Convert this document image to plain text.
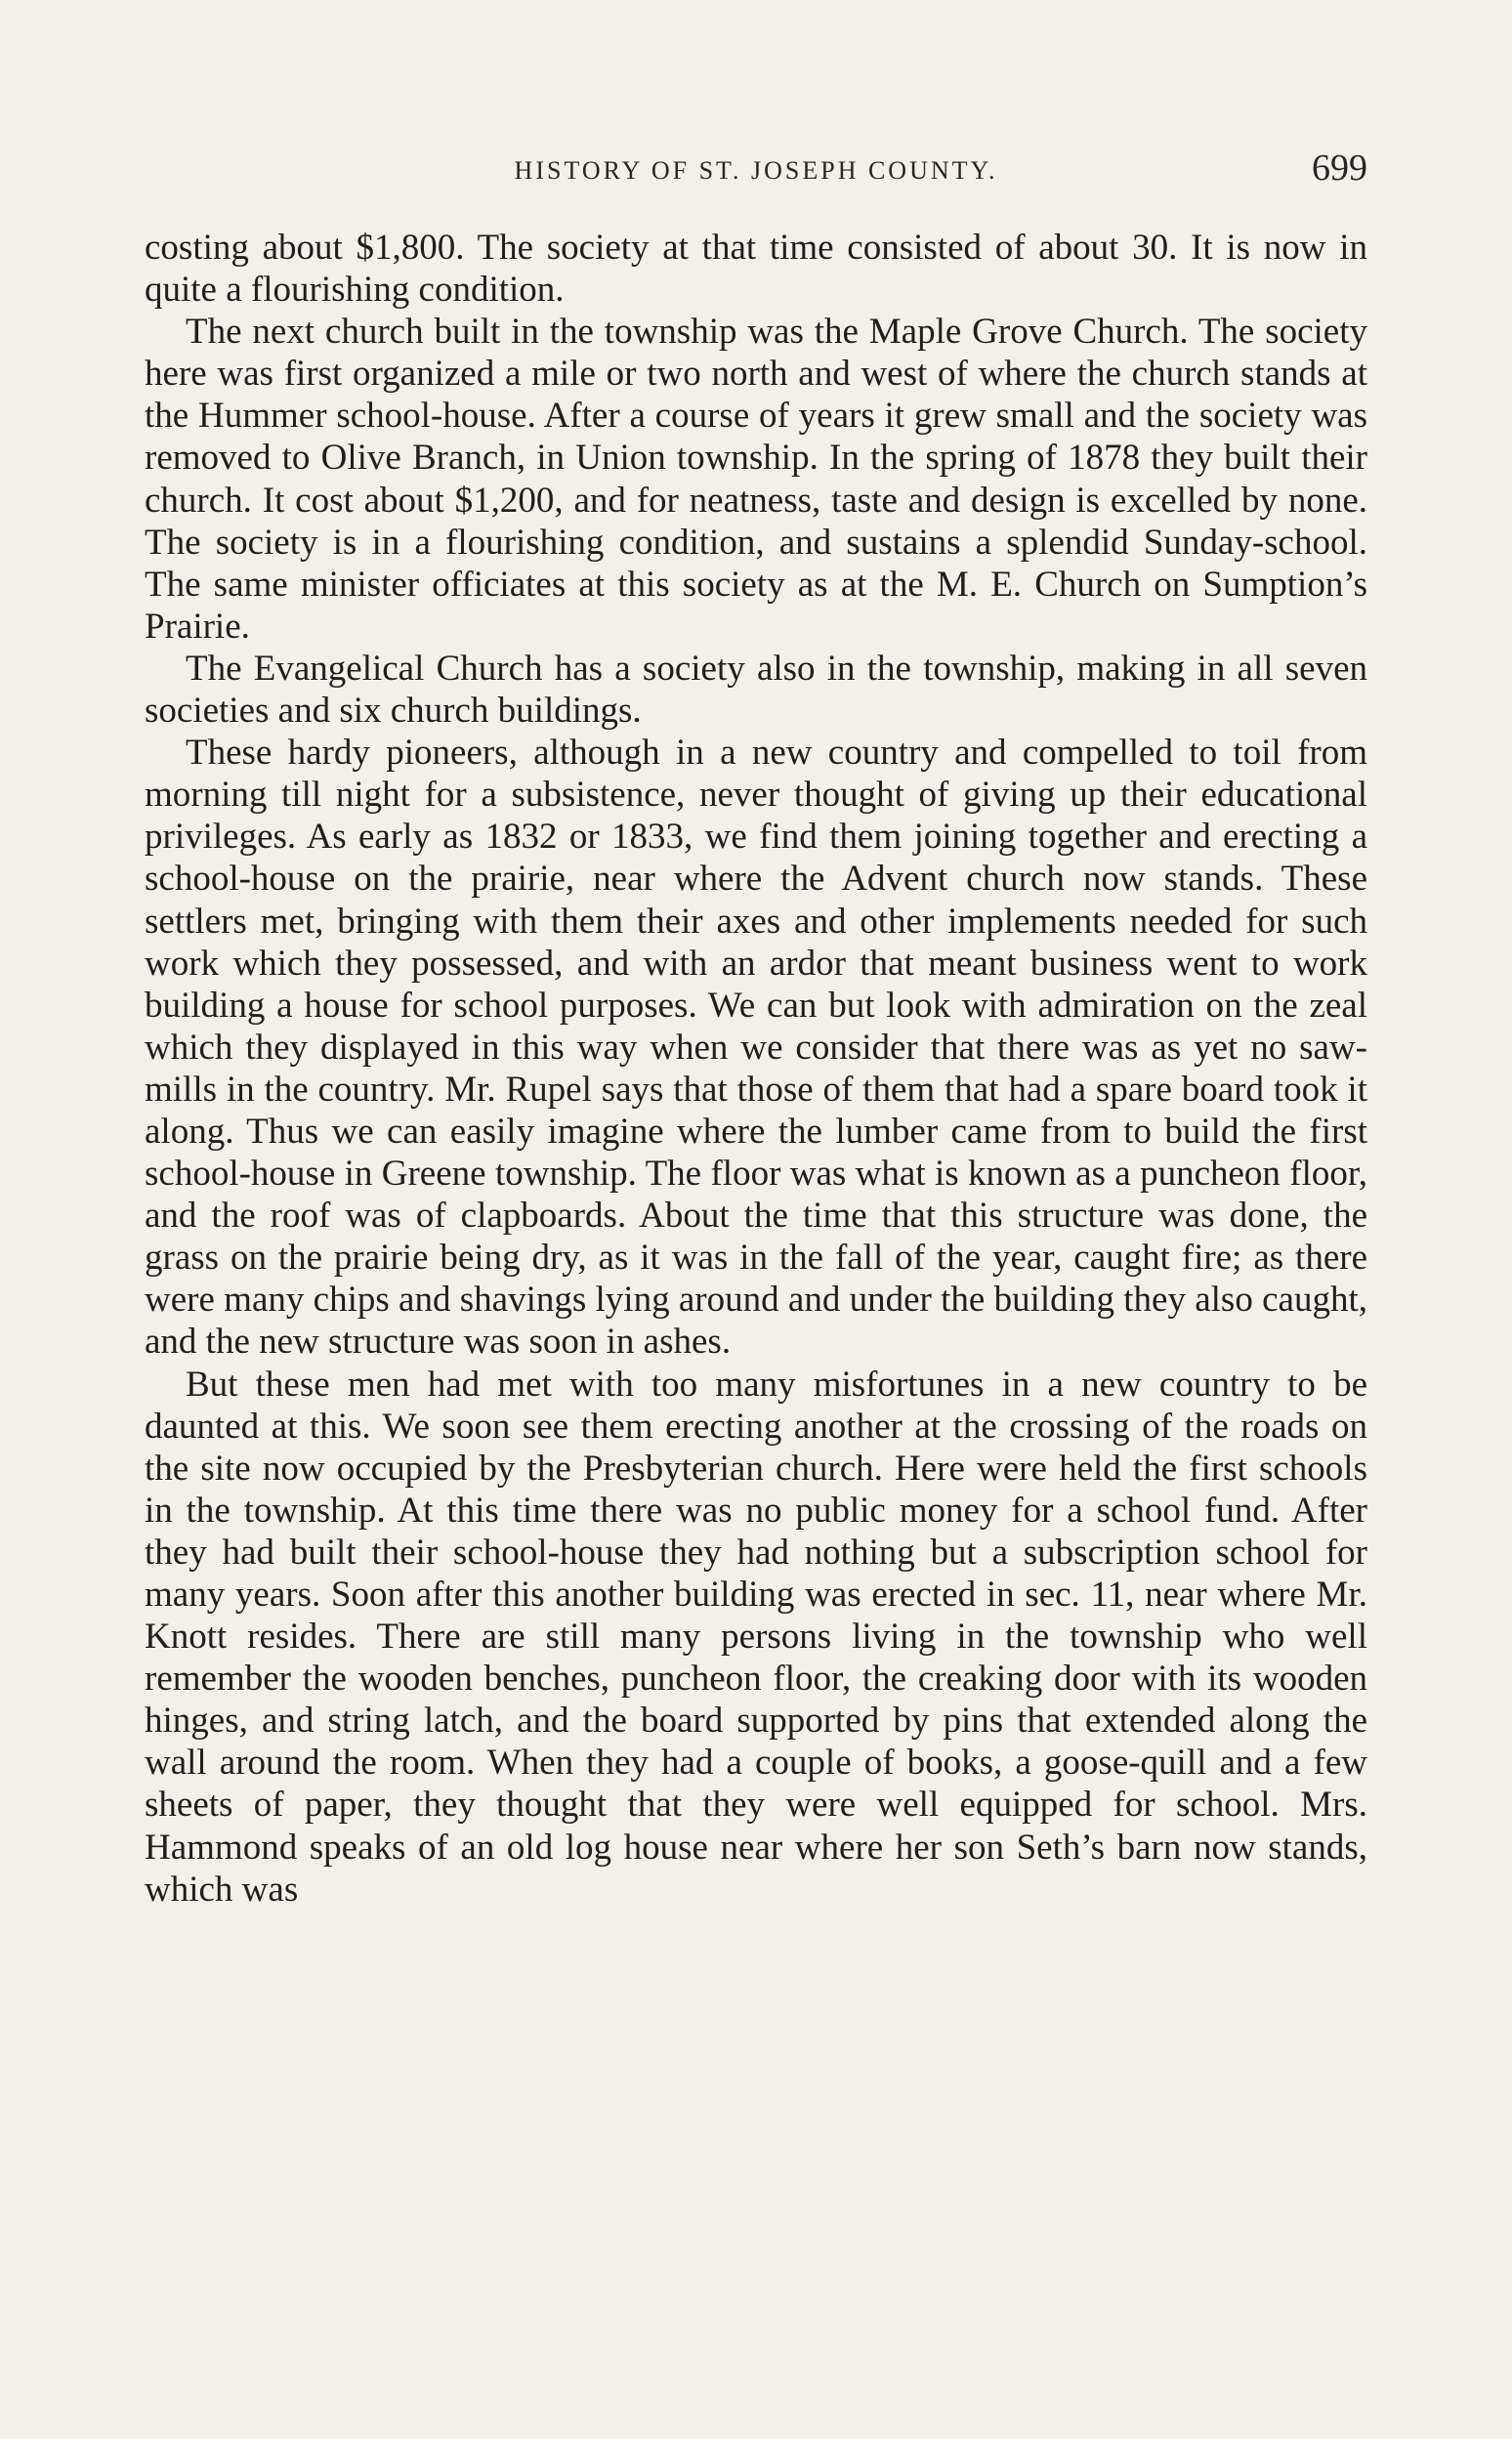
HISTORY OF ST. JOSEPH COUNTY.	699

costing about $1,800. The society at that time consisted of about 30. It is now in quite a flourishing condition.

The next church built in the township was the Maple Grove Church. The society here was first organized a mile or two north and west of where the church stands at the Hummer school-house. After a course of years it grew small and the society was removed to Olive Branch, in Union township. In the spring of 1878 they built their church. It cost about $1,200, and for neatness, taste and design is excelled by none. The society is in a flourishing condition, and sustains a splendid Sunday-school. The same minister officiates at this society as at the M. E. Church on Sumption’s Prairie.

The Evangelical Church has a society also in the township, making in all seven societies and six church buildings.

These hardy pioneers, although in a new country and compelled to toil from morning till night for a subsistence, never thought of giving up their educational privileges. As early as 1832 or 1833, we find them joining together and erecting a school-house on the prairie, near where the Advent church now stands. These settlers met, bringing with them their axes and other implements needed for such work which they possessed, and with an ardor that meant business went to work building a house for school purposes. We can but look with admiration on the zeal which they displayed in this way when we consider that there was as yet no saw-mills in the country. Mr. Rupel says that those of them that had a spare board took it along. Thus we can easily imagine where the lumber came from to build the first school-house in Greene township. The floor was what is known as a puncheon floor, and the roof was of clapboards. About the time that this structure was done, the grass on the prairie being dry, as it was in the fall of the year, caught fire; as there were many chips and shavings lying around and under the building they also caught, and the new structure was soon in ashes.

But these men had met with too many misfortunes in a new country to be daunted at this. We soon see them erecting another at the crossing of the roads on the site now occupied by the Presbyterian church. Here were held the first schools in the township. At this time there was no public money for a school fund. After they had built their school-house they had nothing but a subscription school for many years. Soon after this another building was erected in sec. 11, near where Mr. Knott resides. There are still many persons living in the township who well remember the wooden benches, puncheon floor, the creaking door with its wooden hinges, and string latch, and the board supported by pins that extended along the wall around the room. When they had a couple of books, a goose-quill and a few sheets of paper, they thought that they were well equipped for school. Mrs. Hammond speaks of an old log house near where her son Seth’s barn now stands, which was
